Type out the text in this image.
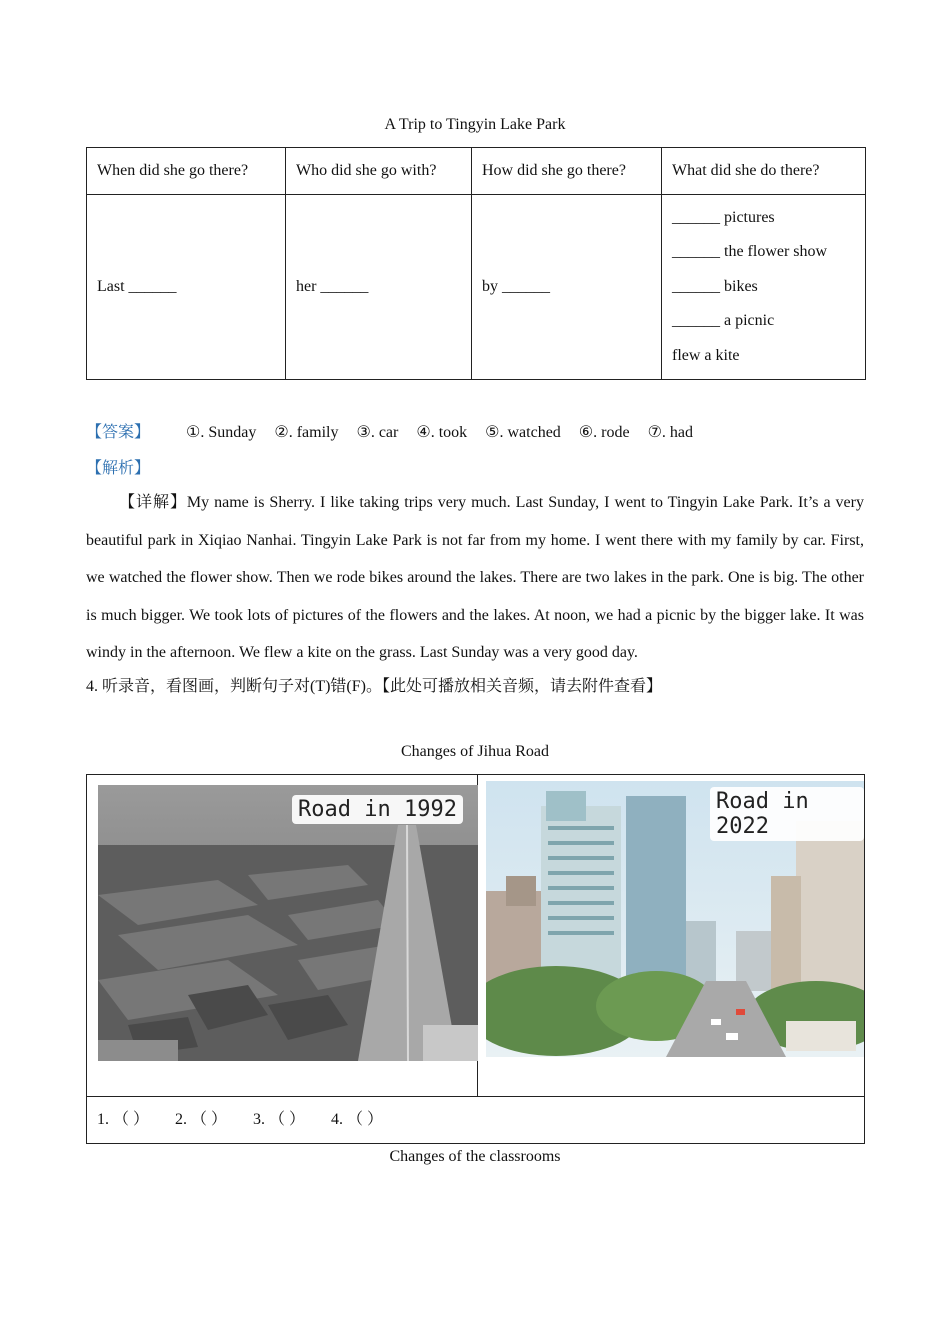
A Trip to Tingyin Lake Park
When did she go there?	Who did she go with?	How did she go there?	What did she do there?
Last ______	her ______	by ______	______ pictures
______ the flower show
______ bikes
______ a picnic
flew a kite
【答案】 ①. Sunday ②. family ③. car ④. took ⑤. watched ⑥. rode ⑦. had
【解析】
【详解】My name is Sherry. I like taking trips very much. Last Sunday, I went to Tingyin Lake Park. It’s a very beautiful park in Xiqiao Nanhai. Tingyin Lake Park is not far from my home. I went there with my family by car. First, we watched the flower show. Then we rode bikes around the lakes. There are two lakes in the park. One is big. The other is much bigger. We took lots of pictures of the flowers and the lakes. At noon, we had a picnic by the bigger lake. It was windy in the afternoon. We flew a kite on the grass. Last Sunday was a very good day.
4. 听录音，看图画，判断句子对(T)错(F)。【此处可播放相关音频，请去附件查看】
Changes of Jihua Road
Road in 1992	Road in 2022
1. （ ） 2. （ ） 3. （ ） 4. （ ）
Changes of the classrooms
